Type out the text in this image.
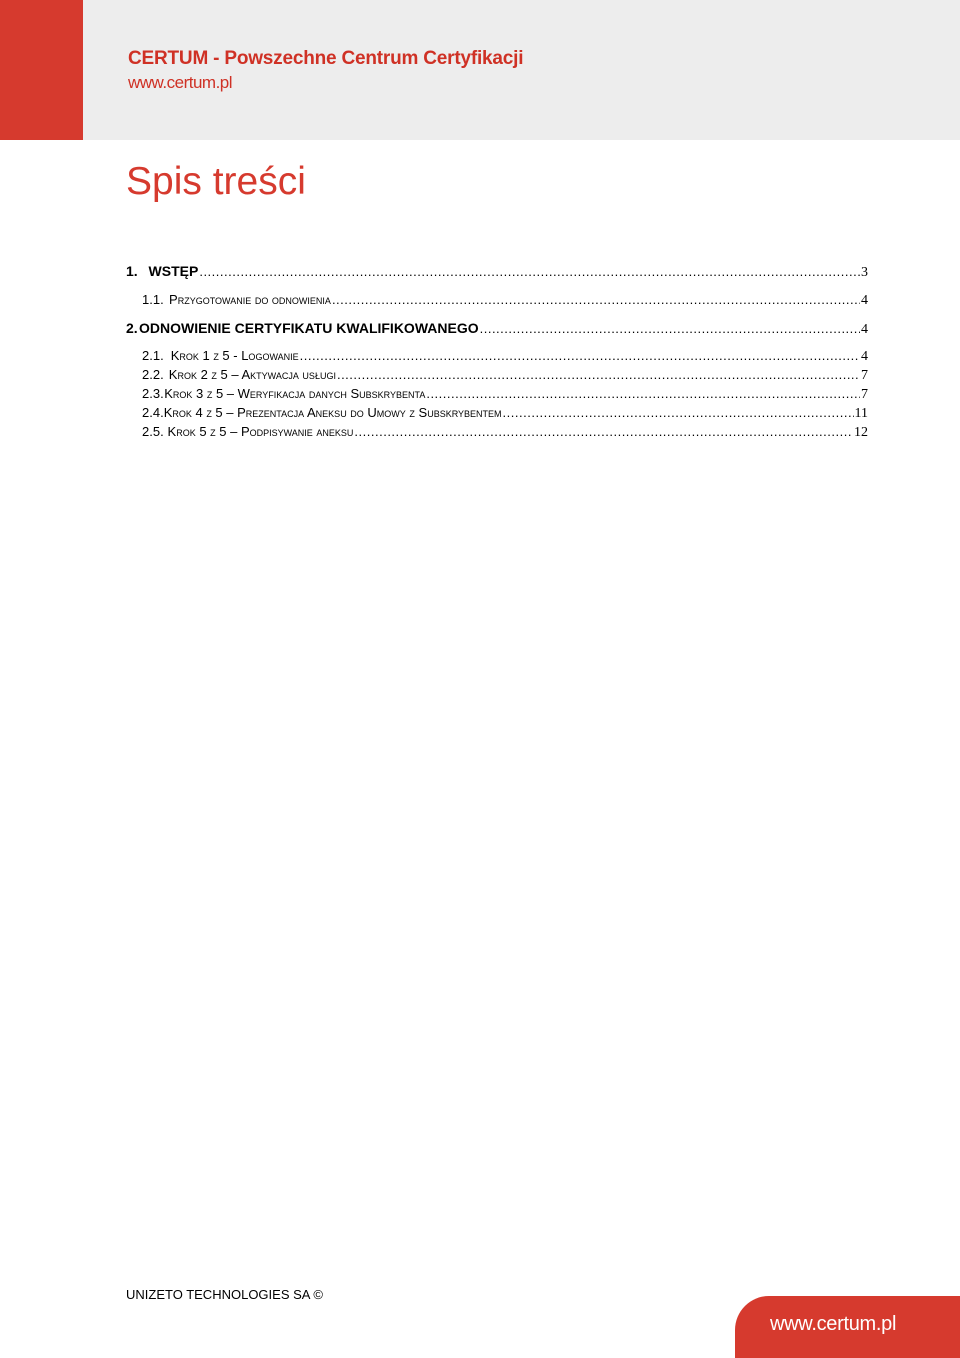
CERTUM - Powszechne Centrum Certyfikacji
www.certum.pl
Spis treści
1. WSTĘP .....	3
1.1. Przygotowanie do odnowienia .....	4
2. ODNOWIENIE CERTYFIKATU KWALIFIKOWANEGO .....	4
2.1. Krok 1 z 5 - Logowanie .....	4
2.2. Krok 2 z 5 – Aktywacja usługi .....	7
2.3. Krok 3 z 5 – Weryfikacja danych Subskrybenta .....	7
2.4. Krok 4 z 5 – Prezentacja Aneksu do Umowy z Subskrybentem .....	11
2.5. Krok 5 z 5 – Podpisywanie aneksu .....	12
UNIZETO TECHNOLOGIES SA ©
www.certum.pl
